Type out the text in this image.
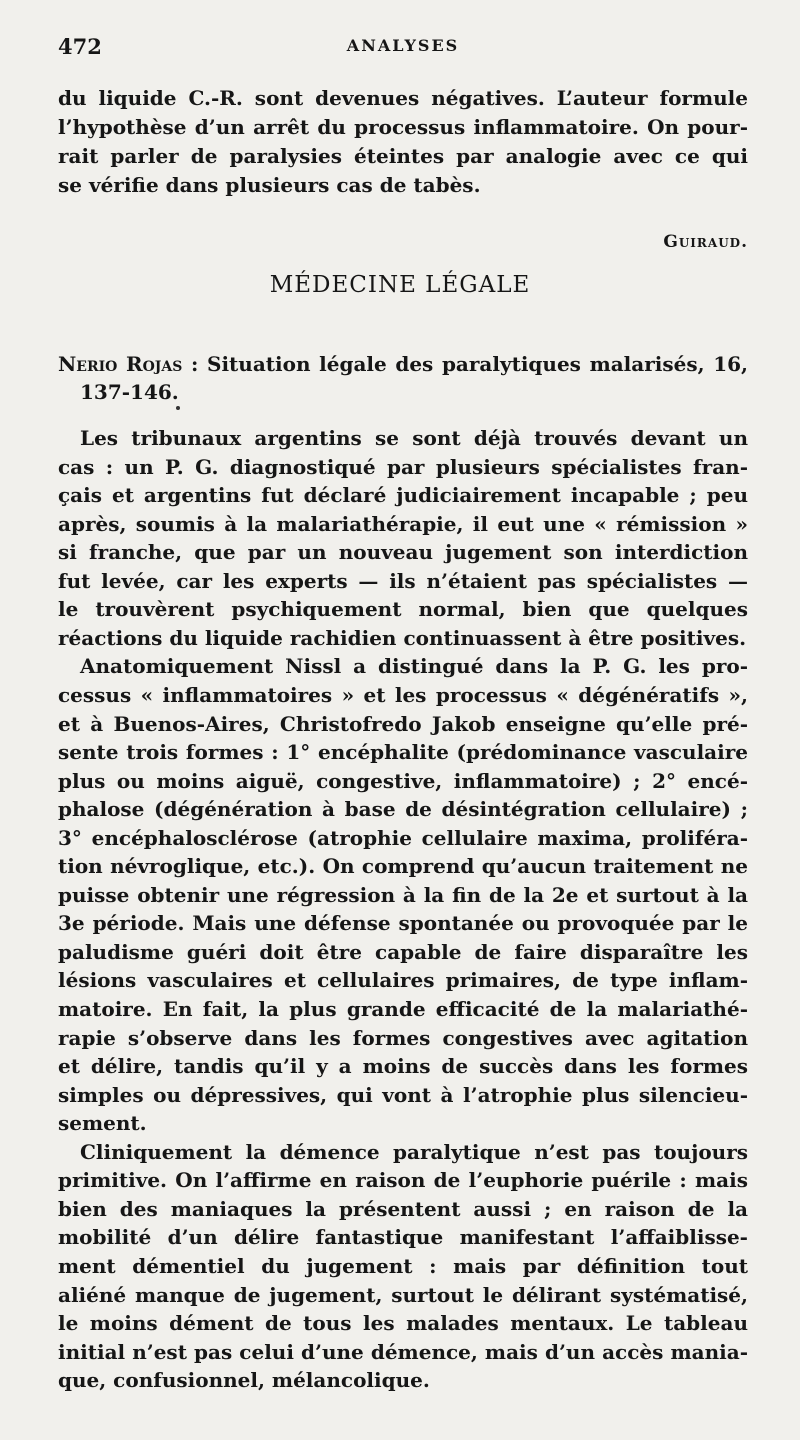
472	ANALYSES
du liquide C.-R. sont devenues négatives. L’auteur formule
l’hypothèse d’un arrêt du processus inflammatoire. On pour-
rait parler de paralysies éteintes par analogie avec ce qui
se vérifie dans plusieurs cas de tabès.
Guiraud.
MÉDECINE LÉGALE
Nerio Rojas : Situation légale des paralytiques malarisés, 16,
137-146.
Les tribunaux argentins se sont déjà trouvés devant un
cas : un P. G. diagnostiqué par plusieurs spécialistes fran-
çais et argentins fut déclaré judiciairement incapable ; peu
après, soumis à la malariathérapie, il eut une « rémission »
si franche, que par un nouveau jugement son interdiction
fut levée, car les experts — ils n’étaient pas spécialistes —
le trouvèrent psychiquement normal, bien que quelques
réactions du liquide rachidien continuassent à être positives.
Anatomiquement Nissl a distingué dans la P. G. les pro-
cessus « inflammatoires » et les processus « dégénératifs »,
et à Buenos-Aires, Christofredo Jakob enseigne qu’elle pré-
sente trois formes : 1° encéphalite (prédominance vasculaire
plus ou moins aiguë, congestive, inflammatoire) ; 2° encé-
phalose (dégénération à base de désintégration cellulaire) ;
3° encéphalosclérose (atrophie cellulaire maxima, proliféra-
tion névroglique, etc.). On comprend qu’aucun traitement ne
puisse obtenir une régression à la fin de la 2e et surtout à la
3e période. Mais une défense spontanée ou provoquée par le
paludisme guéri doit être capable de faire disparaître les
lésions vasculaires et cellulaires primaires, de type inflam-
matoire. En fait, la plus grande efficacité de la malariathé-
rapie s’observe dans les formes congestives avec agitation
et délire, tandis qu’il y a moins de succès dans les formes
simples ou dépressives, qui vont à l’atrophie plus silencieu-
sement.
Cliniquement la démence paralytique n’est pas toujours
primitive. On l’affirme en raison de l’euphorie puérile : mais
bien des maniaques la présentent aussi ; en raison de la
mobilité d’un délire fantastique manifestant l’affaiblisse-
ment démentiel du jugement : mais par définition tout
aliéné manque de jugement, surtout le délirant systématisé,
le moins dément de tous les malades mentaux. Le tableau
initial n’est pas celui d’une démence, mais d’un accès mania-
que, confusionnel, mélancolique.
